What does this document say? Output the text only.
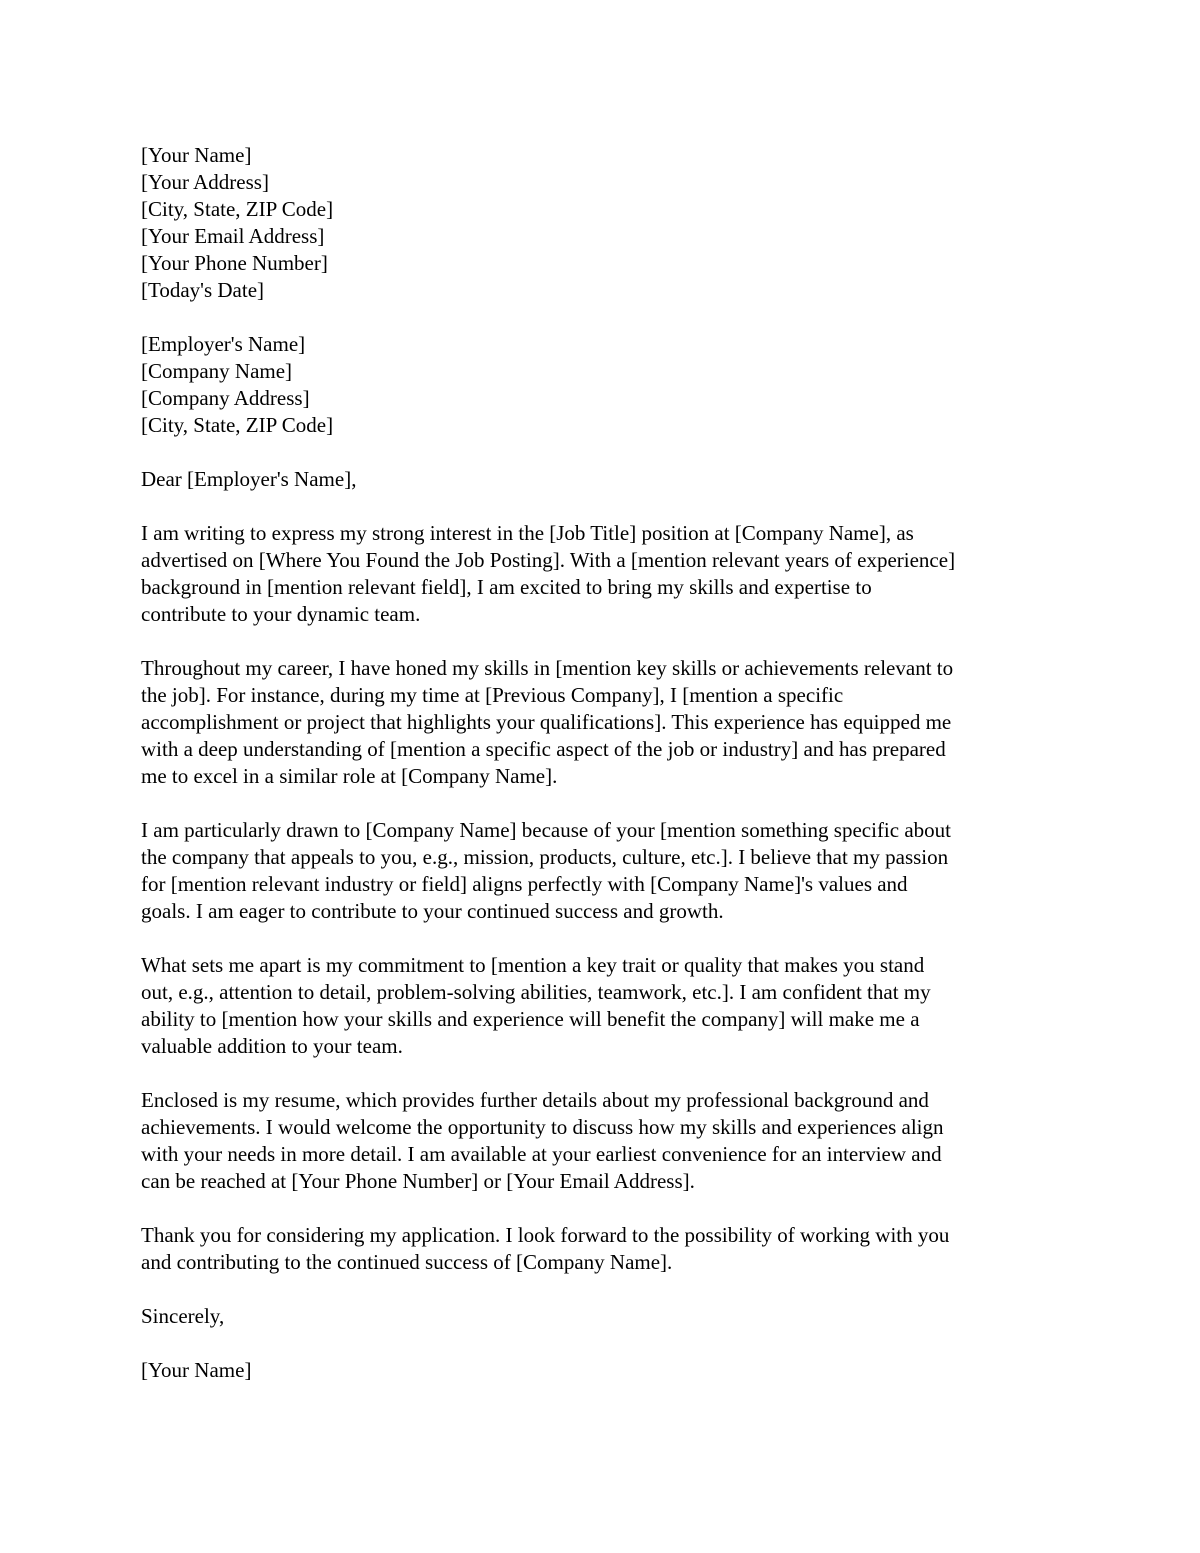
[Your Name]
[Your Address]
[City, State, ZIP Code]
[Your Email Address]
[Your Phone Number]
[Today's Date]
[Employer's Name]
[Company Name]
[Company Address]
[City, State, ZIP Code]

Dear [Employer's Name],

I am writing to express my strong interest in the [Job Title] position at [Company Name], as
advertised on [Where You Found the Job Posting]. With a [mention relevant years of experience]
background in [mention relevant field], I am excited to bring my skills and expertise to
contribute to your dynamic team.

Throughout my career, I have honed my skills in [mention key skills or achievements relevant to
the job]. For instance, during my time at [Previous Company], I [mention a specific
accomplishment or project that highlights your qualifications]. This experience has equipped me
with a deep understanding of [mention a specific aspect of the job or industry] and has prepared
me to excel in a similar role at [Company Name].

I am particularly drawn to [Company Name] because of your [mention something specific about
the company that appeals to you, e.g., mission, products, culture, etc.]. I believe that my passion
for [mention relevant industry or field] aligns perfectly with [Company Name]'s values and
goals. I am eager to contribute to your continued success and growth.

What sets me apart is my commitment to [mention a key trait or quality that makes you stand
out, e.g., attention to detail, problem-solving abilities, teamwork, etc.]. I am confident that my
ability to [mention how your skills and experience will benefit the company] will make me a
valuable addition to your team.

Enclosed is my resume, which provides further details about my professional background and
achievements. I would welcome the opportunity to discuss how my skills and experiences align
with your needs in more detail. I am available at your earliest convenience for an interview and
can be reached at [Your Phone Number] or [Your Email Address].

Thank you for considering my application. I look forward to the possibility of working with you
and contributing to the continued success of [Company Name].

Sincerely,

[Your Name]
